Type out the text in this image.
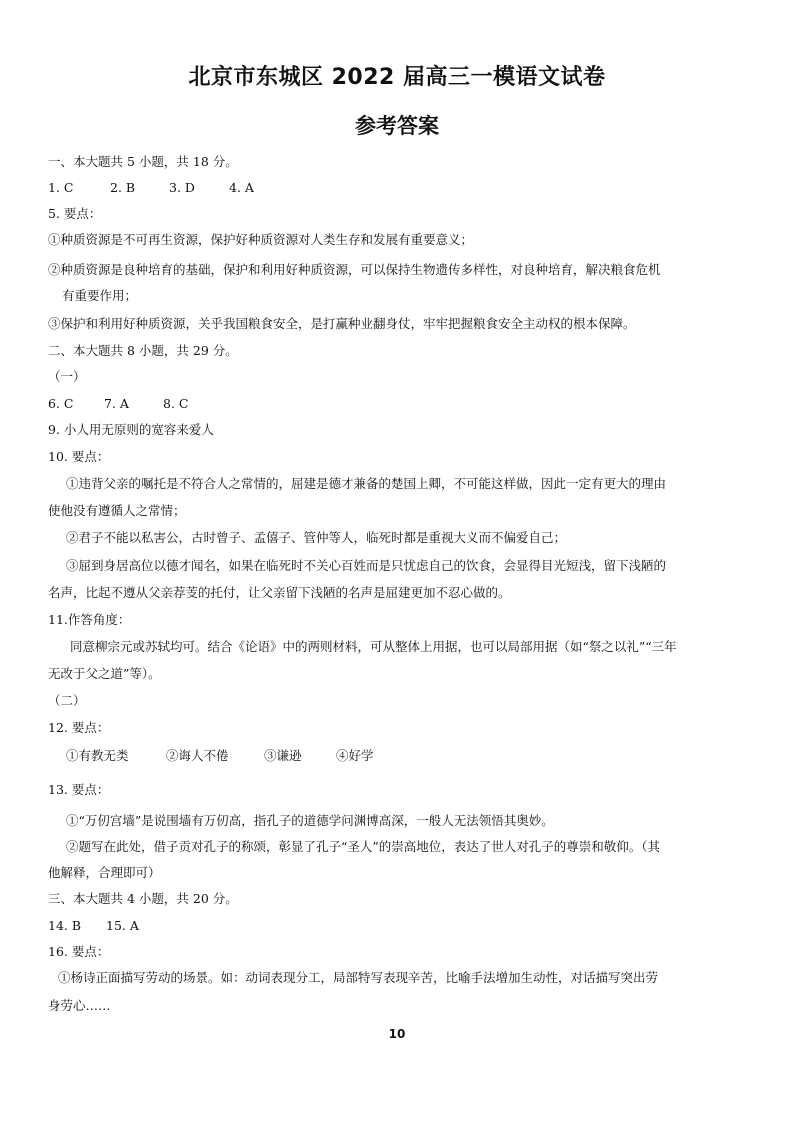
北京市东城区 2022 届高三一模语文试卷
参考答案
一、本大题共 5 小题，共 18 分。
1. C	2. B	3. D	4. A
5. 要点：
①种质资源是不可再生资源，保护好种质资源对人类生存和发展有重要意义；
②种质资源是良种培育的基础，保护和利用好种质资源，可以保持生物遗传多样性，对良种培育，解决粮食危机
有重要作用；
③保护和利用好种质资源，关乎我国粮食安全，是打赢种业翻身仗，牢牢把握粮食安全主动权的根本保障。
二、本大题共 8 小题，共 29 分。
（一）
6. C 7. A	8. C
9. 小人用无原则的宽容来爱人
10. 要点：
①违背父亲的嘱托是不符合人之常情的，屈建是德才兼备的楚国上卿，不可能这样做，因此一定有更大的理由
使他没有遵循人之常情；
②君子不能以私害公，古时曾子、孟僖子、管仲等人，临死时都是重视大义而不偏爱自己；
③屈到身居高位以德才闻名，如果在临死时不关心百姓而是只忧虑自己的饮食，会显得目光短浅，留下浅陋的
名声，比起不遵从父亲荐芰的托付，让父亲留下浅陋的名声是屈建更加不忍心做的。
11.作答角度：
同意柳宗元或苏轼均可。结合《论语》中的两则材料，可从整体上用据，也可以局部用据（如“祭之以礼”“三年
无改于父之道”等）。
（二）
12. 要点：
①有教无类	②诲人不倦	③谦逊	④好学
13. 要点：
①“万仞宫墙”是说围墙有万仞高，指孔子的道德学问渊博高深，一般人无法领悟其奥妙。
②题写在此处，借子贡对孔子的称颂，彰显了孔子“圣人”的崇高地位，表达了世人对孔子的尊崇和敬仰。（其
他解释，合理即可）
三、本大题共 4 小题，共 20 分。
14. B 15. A
16. 要点：
①杨诗正面描写劳动的场景。如：动词表现分工，局部特写表现辛苦，比喻手法增加生动性，对话描写突出劳
身劳心……
10
